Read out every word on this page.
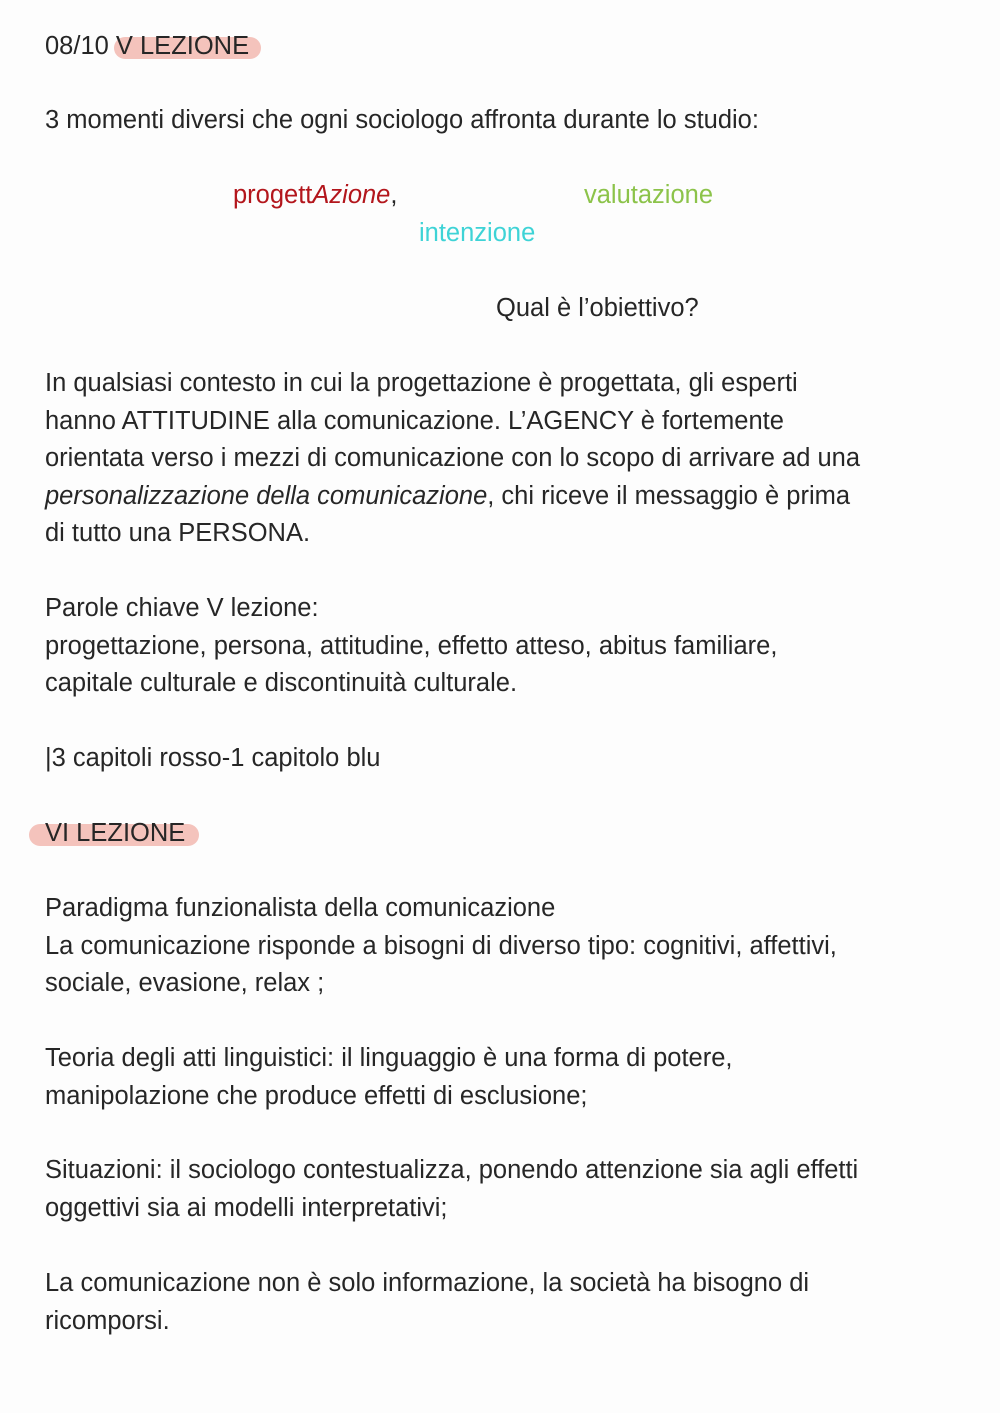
08/10 V LEZIONE
3 momenti diversi che ogni sociologo affronta durante lo studio:
progettAzione,	valutazione
intenzione
Qual è l’obiettivo?
In qualsiasi contesto in cui la progettazione è progettata, gli esperti
hanno ATTITUDINE alla comunicazione. L’AGENCY è fortemente
orientata verso i mezzi di comunicazione con lo scopo di arrivare ad una
personalizzazione della comunicazione, chi riceve il messaggio è prima
di tutto una PERSONA.
Parole chiave V lezione:
progettazione, persona, attitudine, effetto atteso, abitus familiare,
capitale culturale e discontinuità culturale.
|3 capitoli rosso-1 capitolo blu
VI LEZIONE
Paradigma funzionalista della comunicazione
La comunicazione risponde a bisogni di diverso tipo: cognitivi, affettivi,
sociale, evasione, relax ;
Teoria degli atti linguistici: il linguaggio è una forma di potere,
manipolazione che produce effetti di esclusione;
Situazioni: il sociologo contestualizza, ponendo attenzione sia agli effetti
oggettivi sia ai modelli interpretativi;
La comunicazione non è solo informazione, la società ha bisogno di
ricomporsi.
